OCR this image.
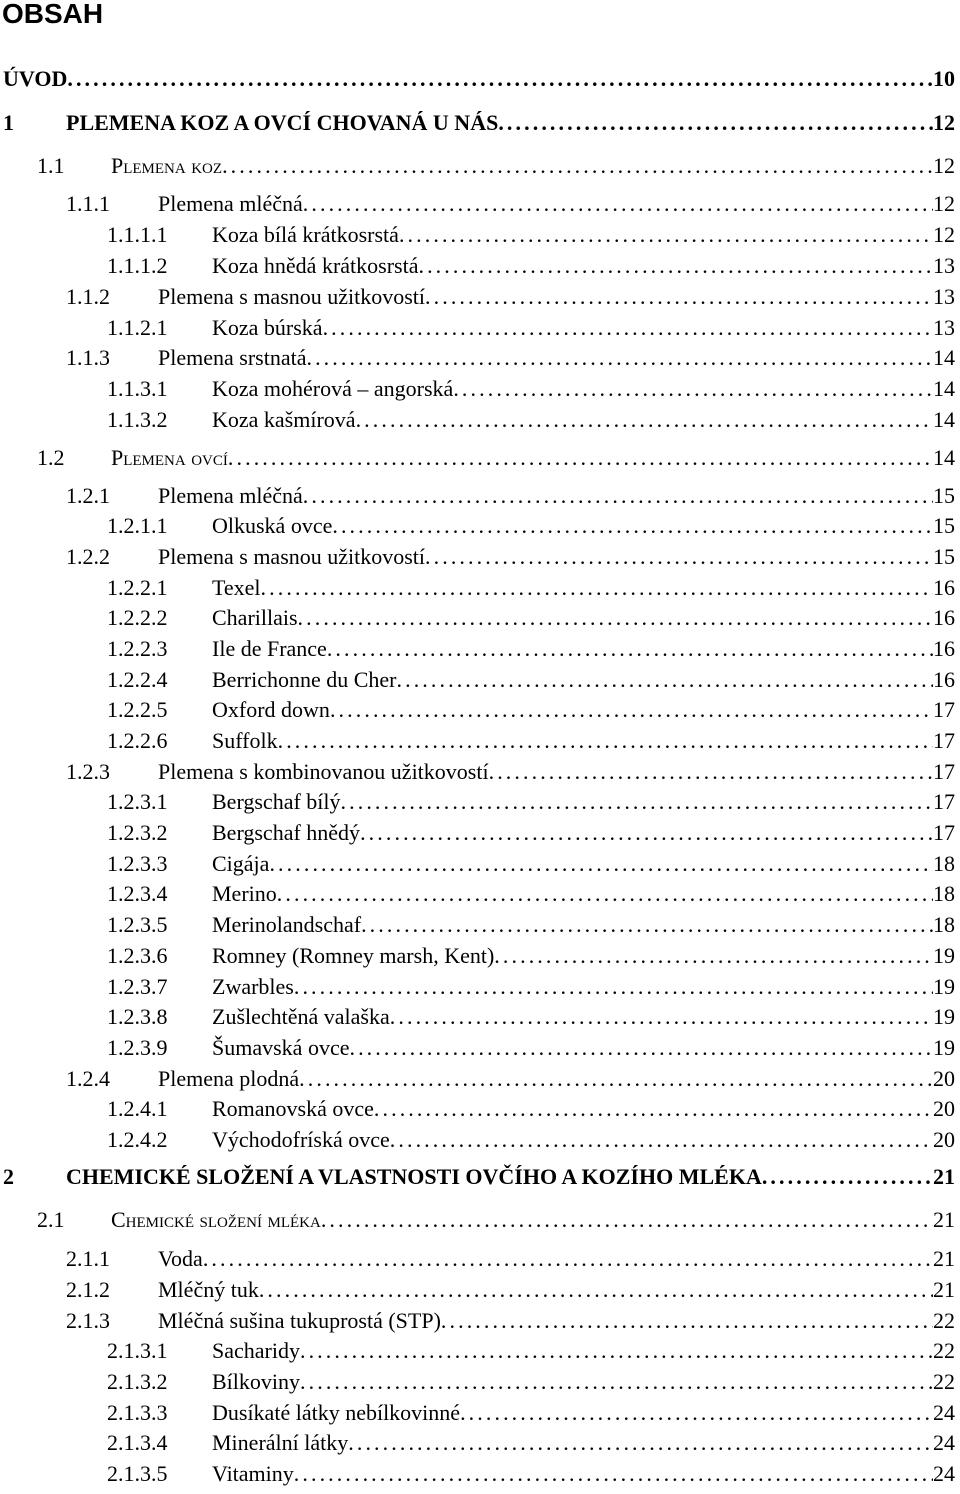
OBSAH
ÚVOD . . .	10
1 PLEMENA KOZ A OVCÍ CHOVANÁ U NÁS . . .	12
1.1 Plemena koz . . .	12
1.1.1 Plemena mléčná . . .	12
1.1.1.1 Koza bílá krátkosrstá . . .	12
1.1.1.2 Koza hnědá krátkosrstá . . .	13
1.1.2 Plemena s masnou užitkovostí . . .	13
1.1.2.1 Koza búrská . . .	13
1.1.3 Plemena srstnatá . . .	14
1.1.3.1 Koza mohérová – angorská . . .	14
1.1.3.2 Koza kašmírová . . .	14
1.2 Plemena ovcí . . .	14
1.2.1 Plemena mléčná . . .	15
1.2.1.1 Olkuská ovce . . .	15
1.2.2 Plemena s masnou užitkovostí . . .	15
1.2.2.1 Texel . . .	16
1.2.2.2 Charillais . . .	16
1.2.2.3 Ile de France . . .	16
1.2.2.4 Berrichonne du Cher . . .	16
1.2.2.5 Oxford down . . .	17
1.2.2.6 Suffolk . . .	17
1.2.3 Plemena s kombinovanou užitkovostí . . .	17
1.2.3.1 Bergschaf bílý . . .	17
1.2.3.2 Bergschaf hnědý . . .	17
1.2.3.3 Cigája . . .	18
1.2.3.4 Merino . . .	18
1.2.3.5 Merinolandschaf . . .	18
1.2.3.6 Romney (Romney marsh, Kent) . . .	19
1.2.3.7 Zwarbles . . .	19
1.2.3.8 Zušlechtěná valaška . . .	19
1.2.3.9 Šumavská ovce . . .	19
1.2.4 Plemena plodná . . .	20
1.2.4.1 Romanovská ovce . . .	20
1.2.4.2 Východofríská ovce . . .	20
2 CHEMICKÉ SLOŽENÍ A VLASTNOSTI OVČÍHO A KOZÍHO MLÉKA . . .	21
2.1 Chemické složení mléka . . .	21
2.1.1 Voda . . .	21
2.1.2 Mléčný tuk . . .	21
2.1.3 Mléčná sušina tukuprostá (STP) . . .	22
2.1.3.1 Sacharidy . . .	22
2.1.3.2 Bílkoviny . . .	22
2.1.3.3 Dusíkaté látky nebílkovinné . . .	24
2.1.3.4 Minerální látky . . .	24
2.1.3.5 Vitaminy . . .	24
